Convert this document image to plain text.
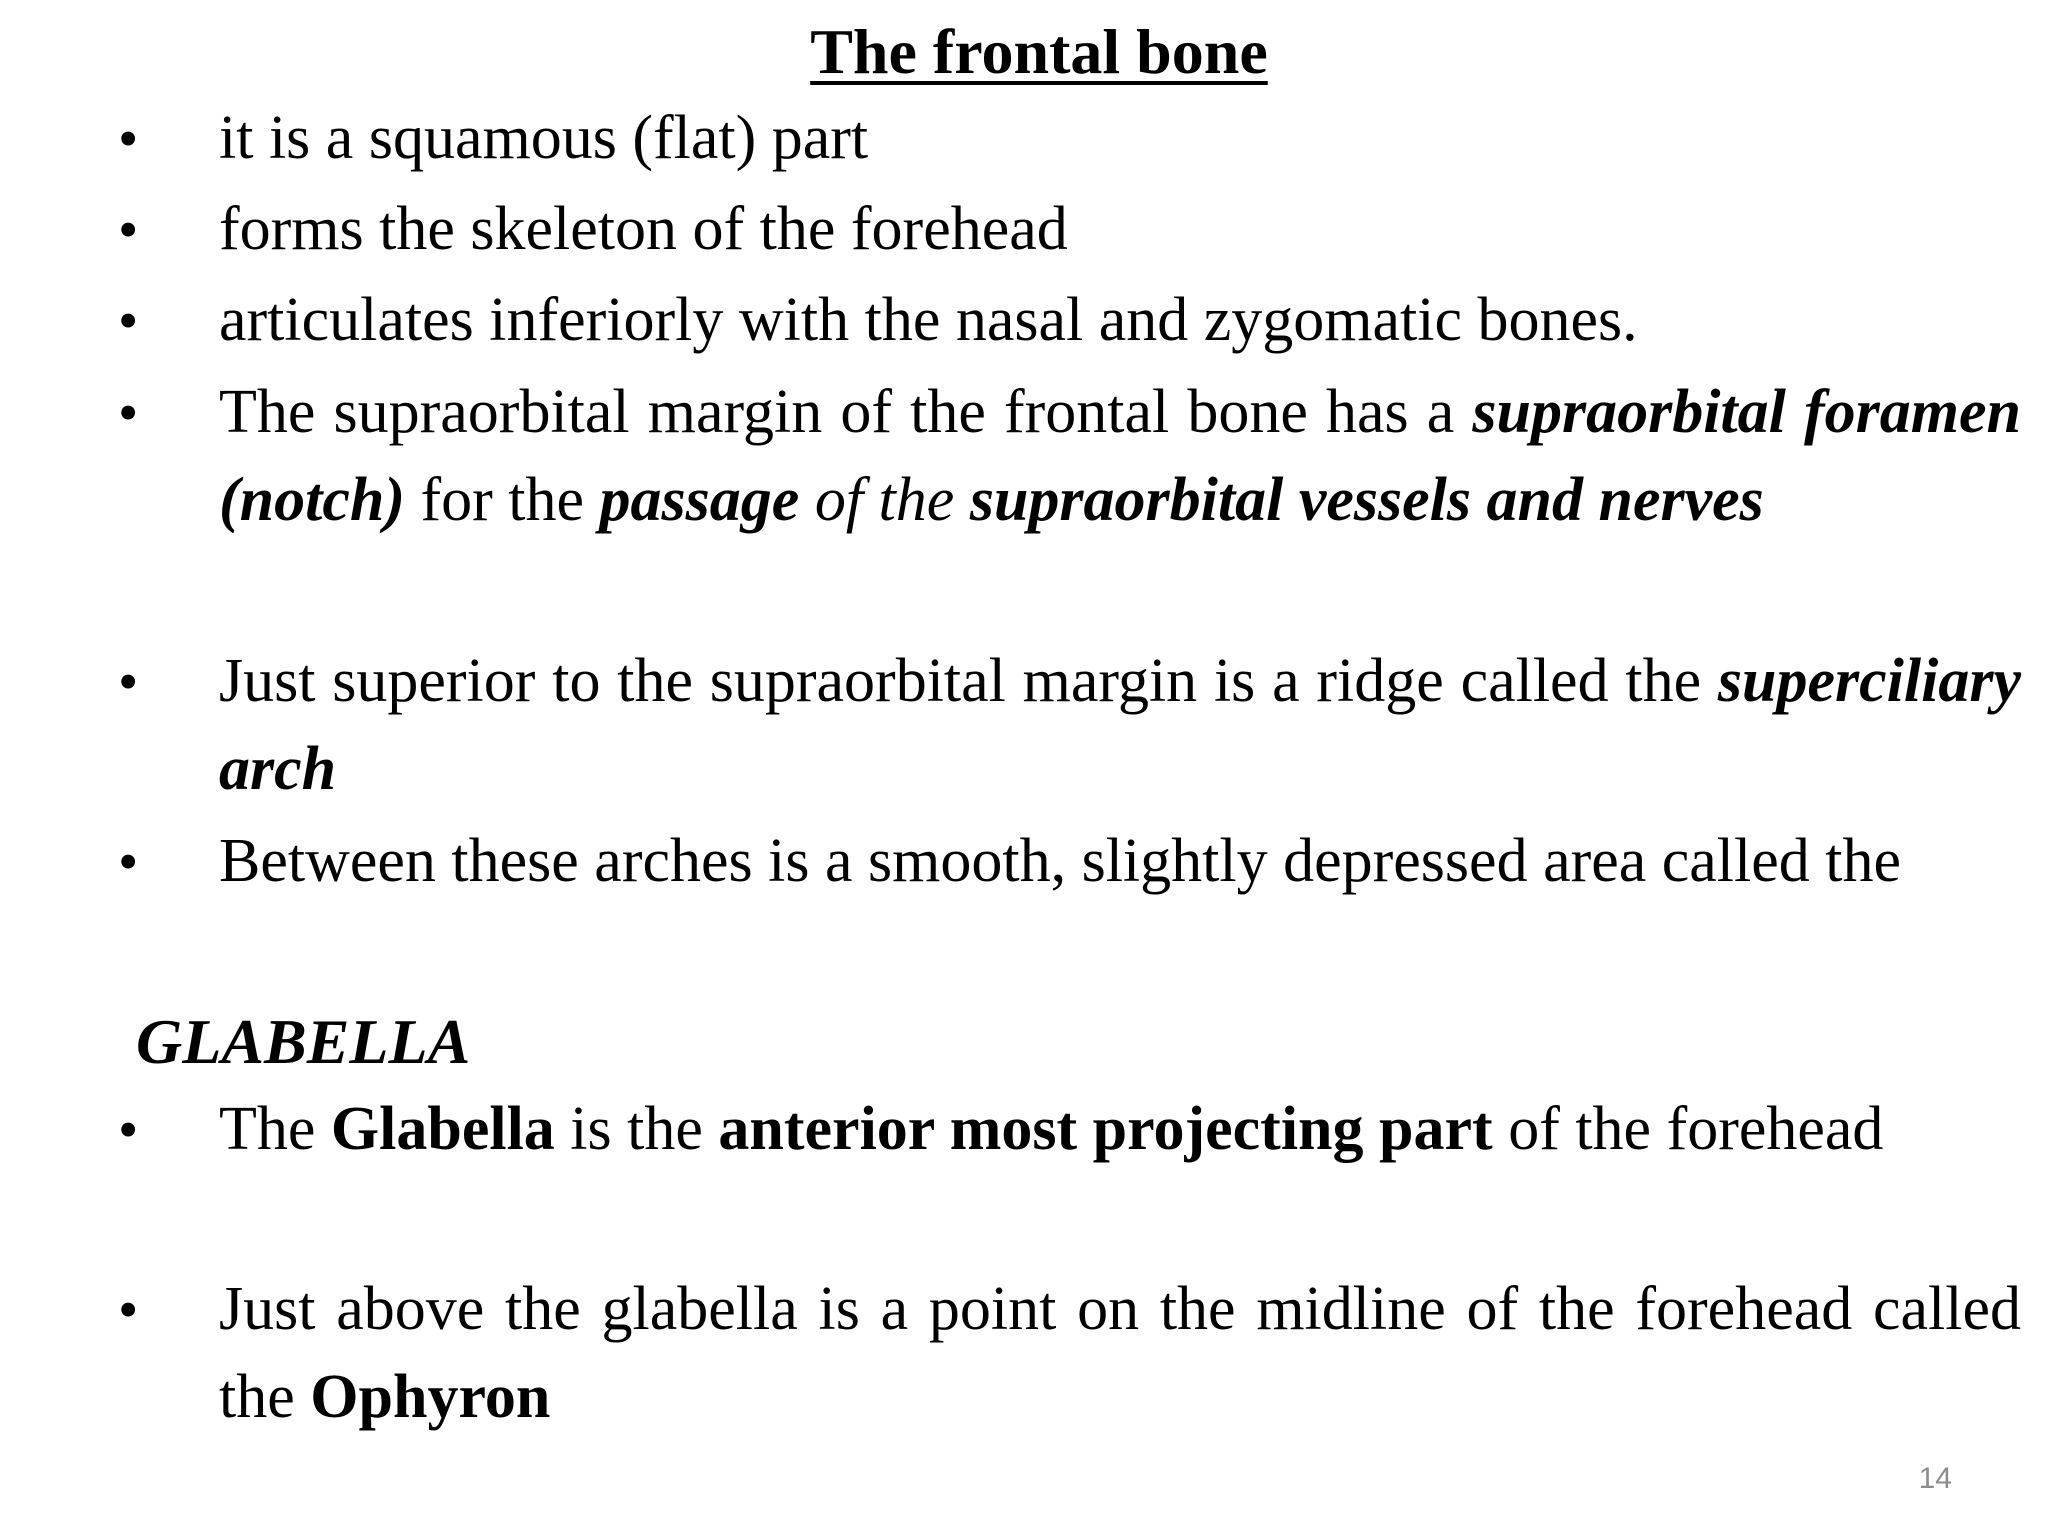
The frontal bone
• it is a squamous (flat) part
• forms the skeleton of the forehead
• articulates inferiorly with the nasal and zygomatic bones.
• The supraorbital margin of the frontal bone has a supraorbital foramen (notch) for the passage of the supraorbital vessels and nerves
• Just superior to the supraorbital margin is a ridge called the superciliary arch
• Between these arches is a smooth, slightly depressed area called the
GLABELLA
• The Glabella is the anterior most projecting part of the forehead
• Just above the glabella is a point on the midline of the forehead called the Ophyron
14
